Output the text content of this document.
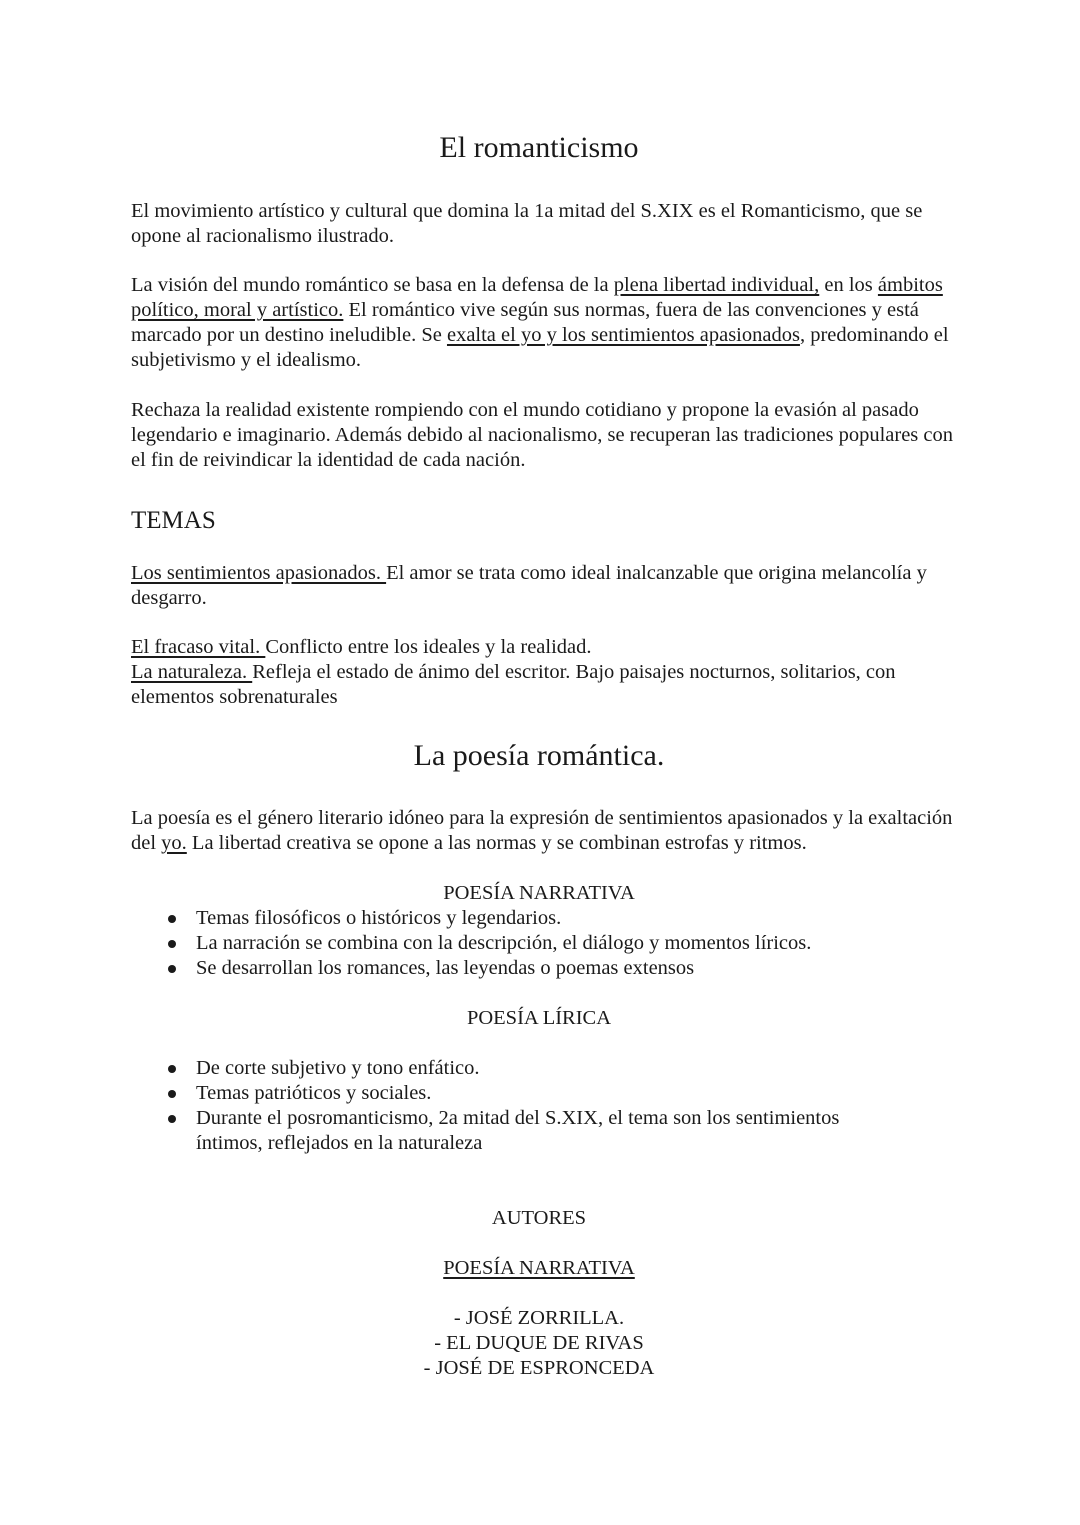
El romanticismo

El movimiento artístico y cultural que domina la 1a mitad del S.XIX es el Romanticismo, que se opone al racionalismo ilustrado.

La visión del mundo romántico se basa en la defensa de la plena libertad individual, en los ámbitos político, moral y artístico. El romántico vive según sus normas, fuera de las convenciones y está marcado por un destino ineludible. Se exalta el yo y los sentimientos apasionados, predominando el subjetivismo y el idealismo.

Rechaza la realidad existente rompiendo con el mundo cotidiano y propone la evasión al pasado legendario e imaginario. Además debido al nacionalismo, se recuperan las tradiciones populares con el fin de reivindicar la identidad de cada nación.

TEMAS

Los sentimientos apasionados. El amor se trata como ideal inalcanzable que origina melancolía y desgarro.

El fracaso vital. Conflicto entre los ideales y la realidad.

La naturaleza. Refleja el estado de ánimo del escritor. Bajo paisajes nocturnos, solitarios, con elementos sobrenaturales

La poesía romántica.

La poesía es el género literario idóneo para la expresión de sentimientos apasionados y la exaltación del yo. La libertad creativa se opone a las normas y se combinan estrofas y ritmos.

POESÍA NARRATIVA

Temas filosóficos o históricos y legendarios.
La narración se combina con la descripción, el diálogo y momentos líricos.
Se desarrollan los romances, las leyendas o poemas extensos

POESÍA LÍRICA

De corte subjetivo y tono enfático.
Temas patrióticos y sociales.
Durante el posromanticismo, 2a mitad del S.XIX, el tema son los sentimientos íntimos, reflejados en la naturaleza

AUTORES

POESÍA NARRATIVA

- JOSÉ ZORRILLA.
- EL DUQUE DE RIVAS
- JOSÉ DE ESPRONCEDA
